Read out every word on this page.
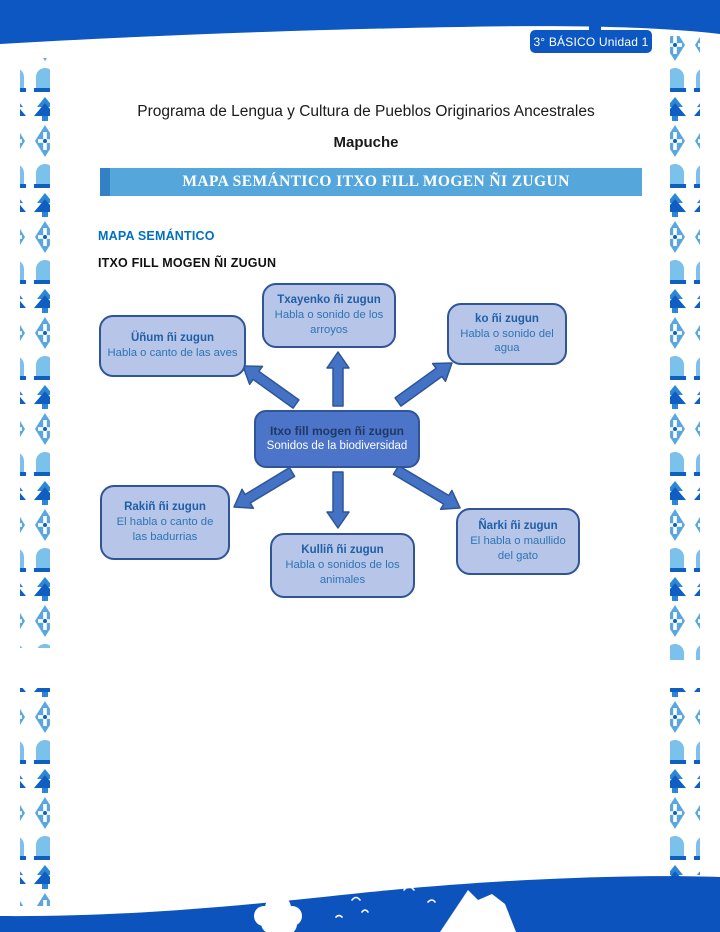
3° BÁSICO Unidad 1
Programa de Lengua y Cultura de Pueblos Originarios Ancestrales
Mapuche
MAPA SEMÁNTICO ITXO FILL MOGEN ÑI ZUGUN
MAPA SEMÁNTICO
ITXO FILL MOGEN ÑI ZUGUN
Üñum ñi zugun
Habla o canto de las aves
Txayenko ñi zugun
Habla o sonido de los arroyos
ko ñi zugun
Habla o sonido del agua
Itxo fill mogen ñi zugun
Sonidos de la biodiversidad
Rakiñ ñi zugun
El habla o canto de las badurrias
Kulliñ ñi zugun
Habla o sonidos de los animales
Ñarki ñi zugun
El habla o maullido del gato
